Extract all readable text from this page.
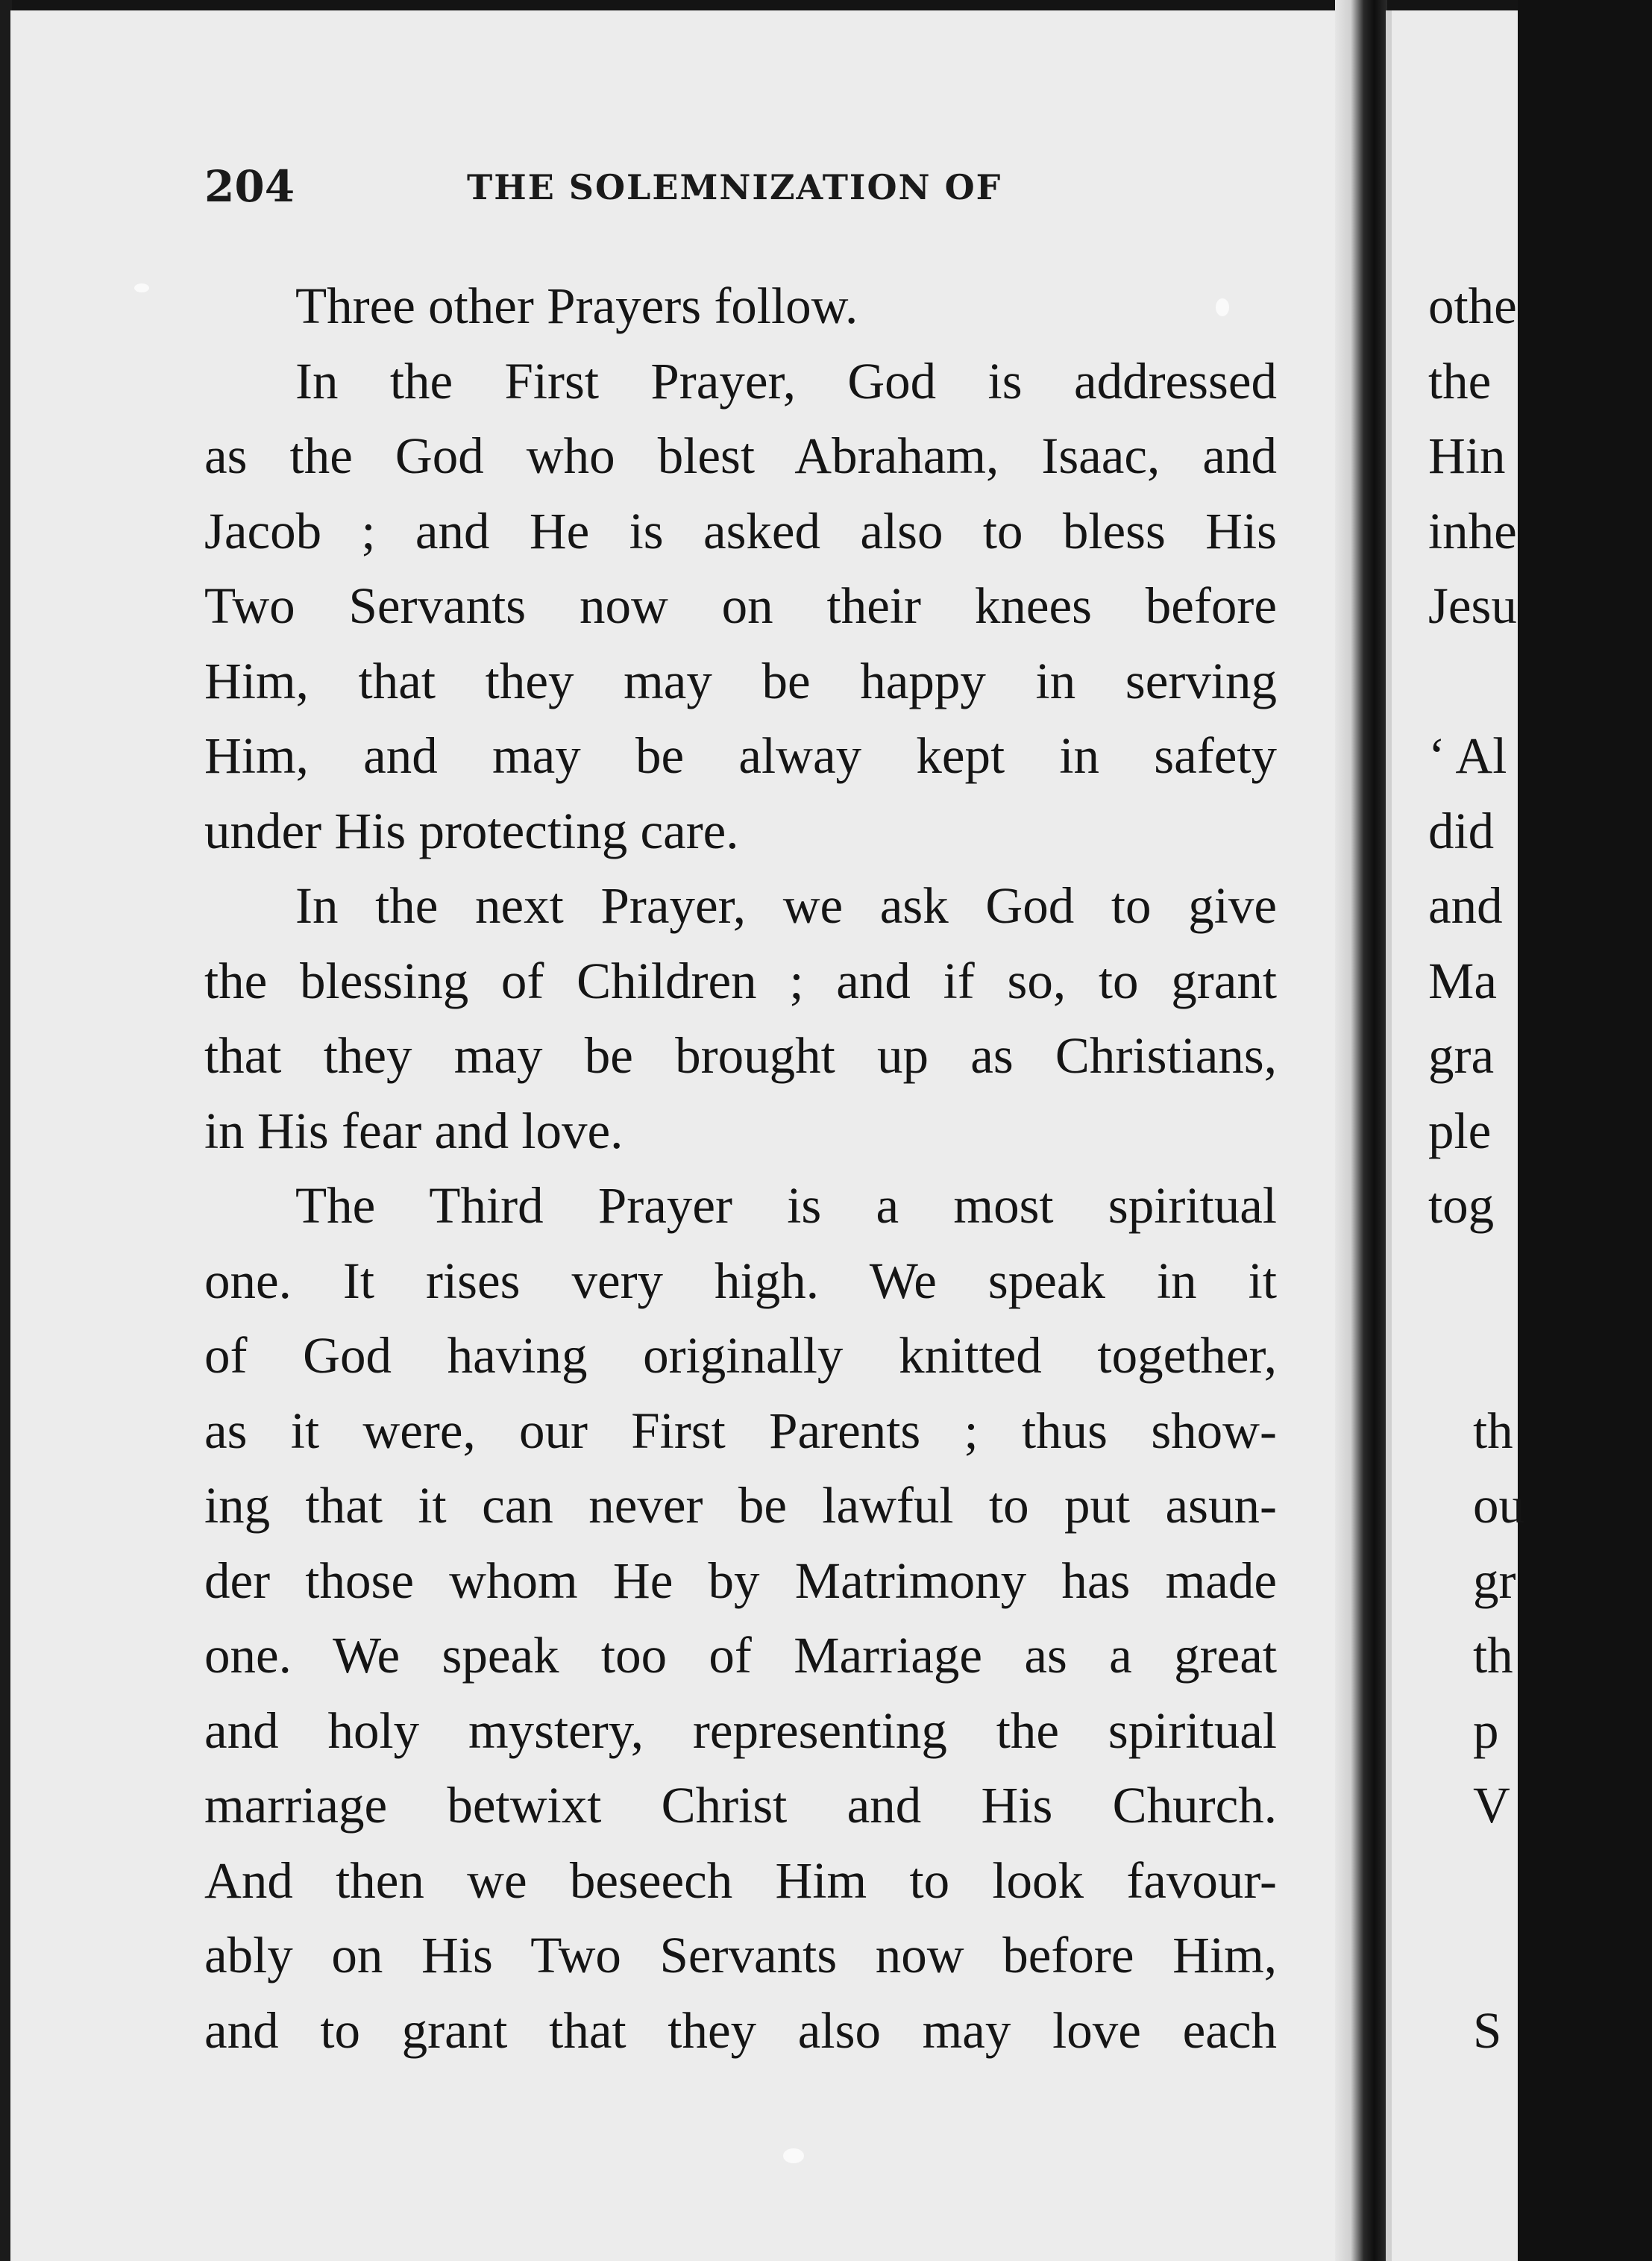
204	THE SOLEMNIZATION OF
Three other Prayers follow.
In the First Prayer, God is addressed
as the God who blest Abraham, Isaac, and
Jacob ; and He is asked also to bless His
Two Servants now on their knees before
Him, that they may be happy in serving
Him, and may be alway kept in safety
under His protecting care.
In the next Prayer, we ask God to give
the blessing of Children ; and if so, to grant
that they may be brought up as Christians,
in His fear and love.
The Third Prayer is a most spiritual
one. It rises very high. We speak in it
of God having originally knitted together,
as it were, our First Parents ; thus show-
ing that it can never be lawful to put asun-
der those whom He by Matrimony has made
one. We speak too of Marriage as a great
and holy mystery, representing the spiritual
marriage betwixt Christ and His Church.
And then we beseech Him to look favour-
ably on His Two Servants now before Him,
and to grant that they also may love each
othe
the
Hin
inhe
Jesu
‘ Al
did
and
Ma
gra
ple
tog
th
ou
gr
th
p
V
S
